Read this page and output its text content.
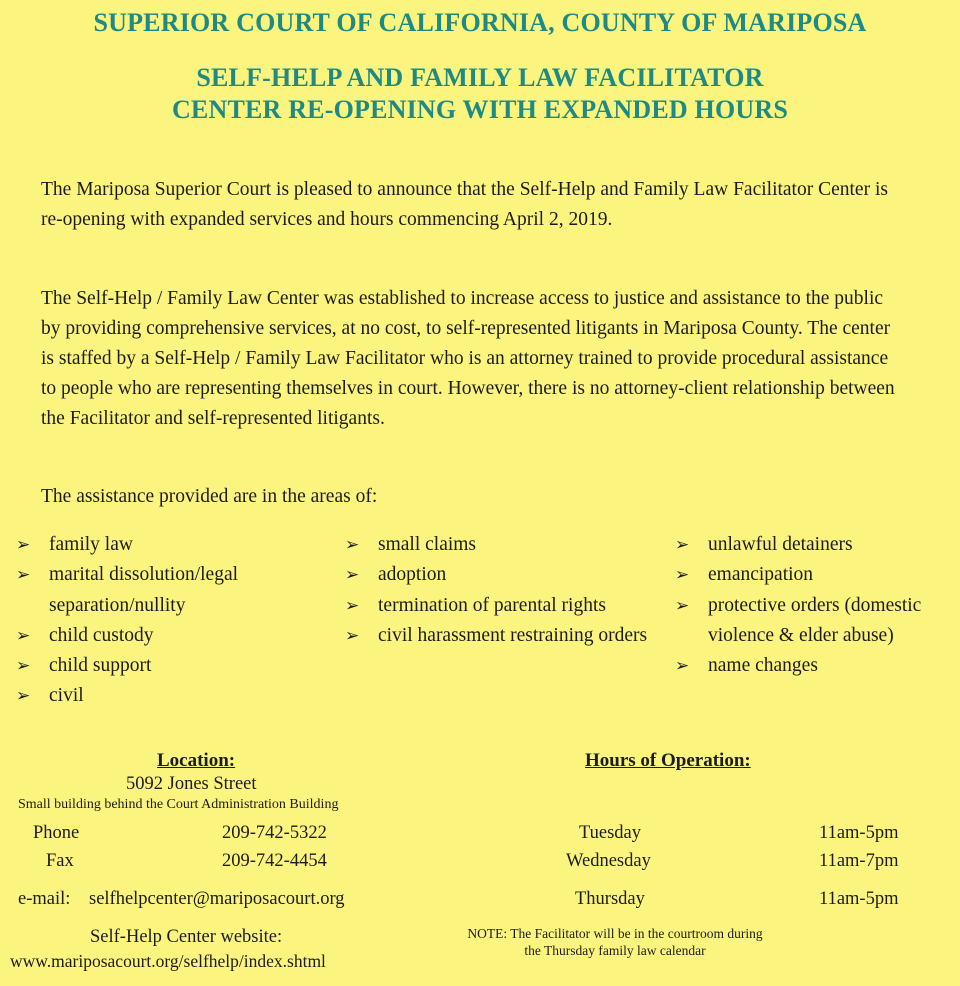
SUPERIOR COURT OF CALIFORNIA, COUNTY OF MARIPOSA
SELF-HELP AND FAMILY LAW FACILITATOR
CENTER RE-OPENING WITH EXPANDED HOURS
The Mariposa Superior Court is pleased to announce that the Self-Help and Family Law Facilitator Center is re-opening with expanded services and hours commencing April 2, 2019.
The Self-Help / Family Law Center was established to increase access to justice and assistance to the public by providing comprehensive services, at no cost, to self-represented litigants in Mariposa County. The center is staffed by a Self-Help / Family Law Facilitator who is an attorney trained to provide procedural assistance to people who are representing themselves in court. However, there is no attorney-client relationship between the Facilitator and self-represented litigants.
The assistance provided are in the areas of:
➢ family law
➢ marital dissolution/legal separation/nullity
➢ child custody
➢ child support
➢ civil
➢ small claims
➢ adoption
➢ termination of parental rights
➢ civil harassment restraining orders
➢ unlawful detainers
➢ emancipation
➢ protective orders (domestic violence & elder abuse)
➢ name changes
Location:
5092 Jones Street
Small building behind the Court Administration Building
Phone	209-742-5322
Fax	209-742-4454
e-mail: selfhelpcenter@mariposacourt.org
Self-Help Center website:
www.mariposacourt.org/selfhelp/index.shtml
Hours of Operation:
Tuesday	11am-5pm
Wednesday	11am-7pm
Thursday	11am-5pm
NOTE: The Facilitator will be in the courtroom during
the Thursday family law calendar
